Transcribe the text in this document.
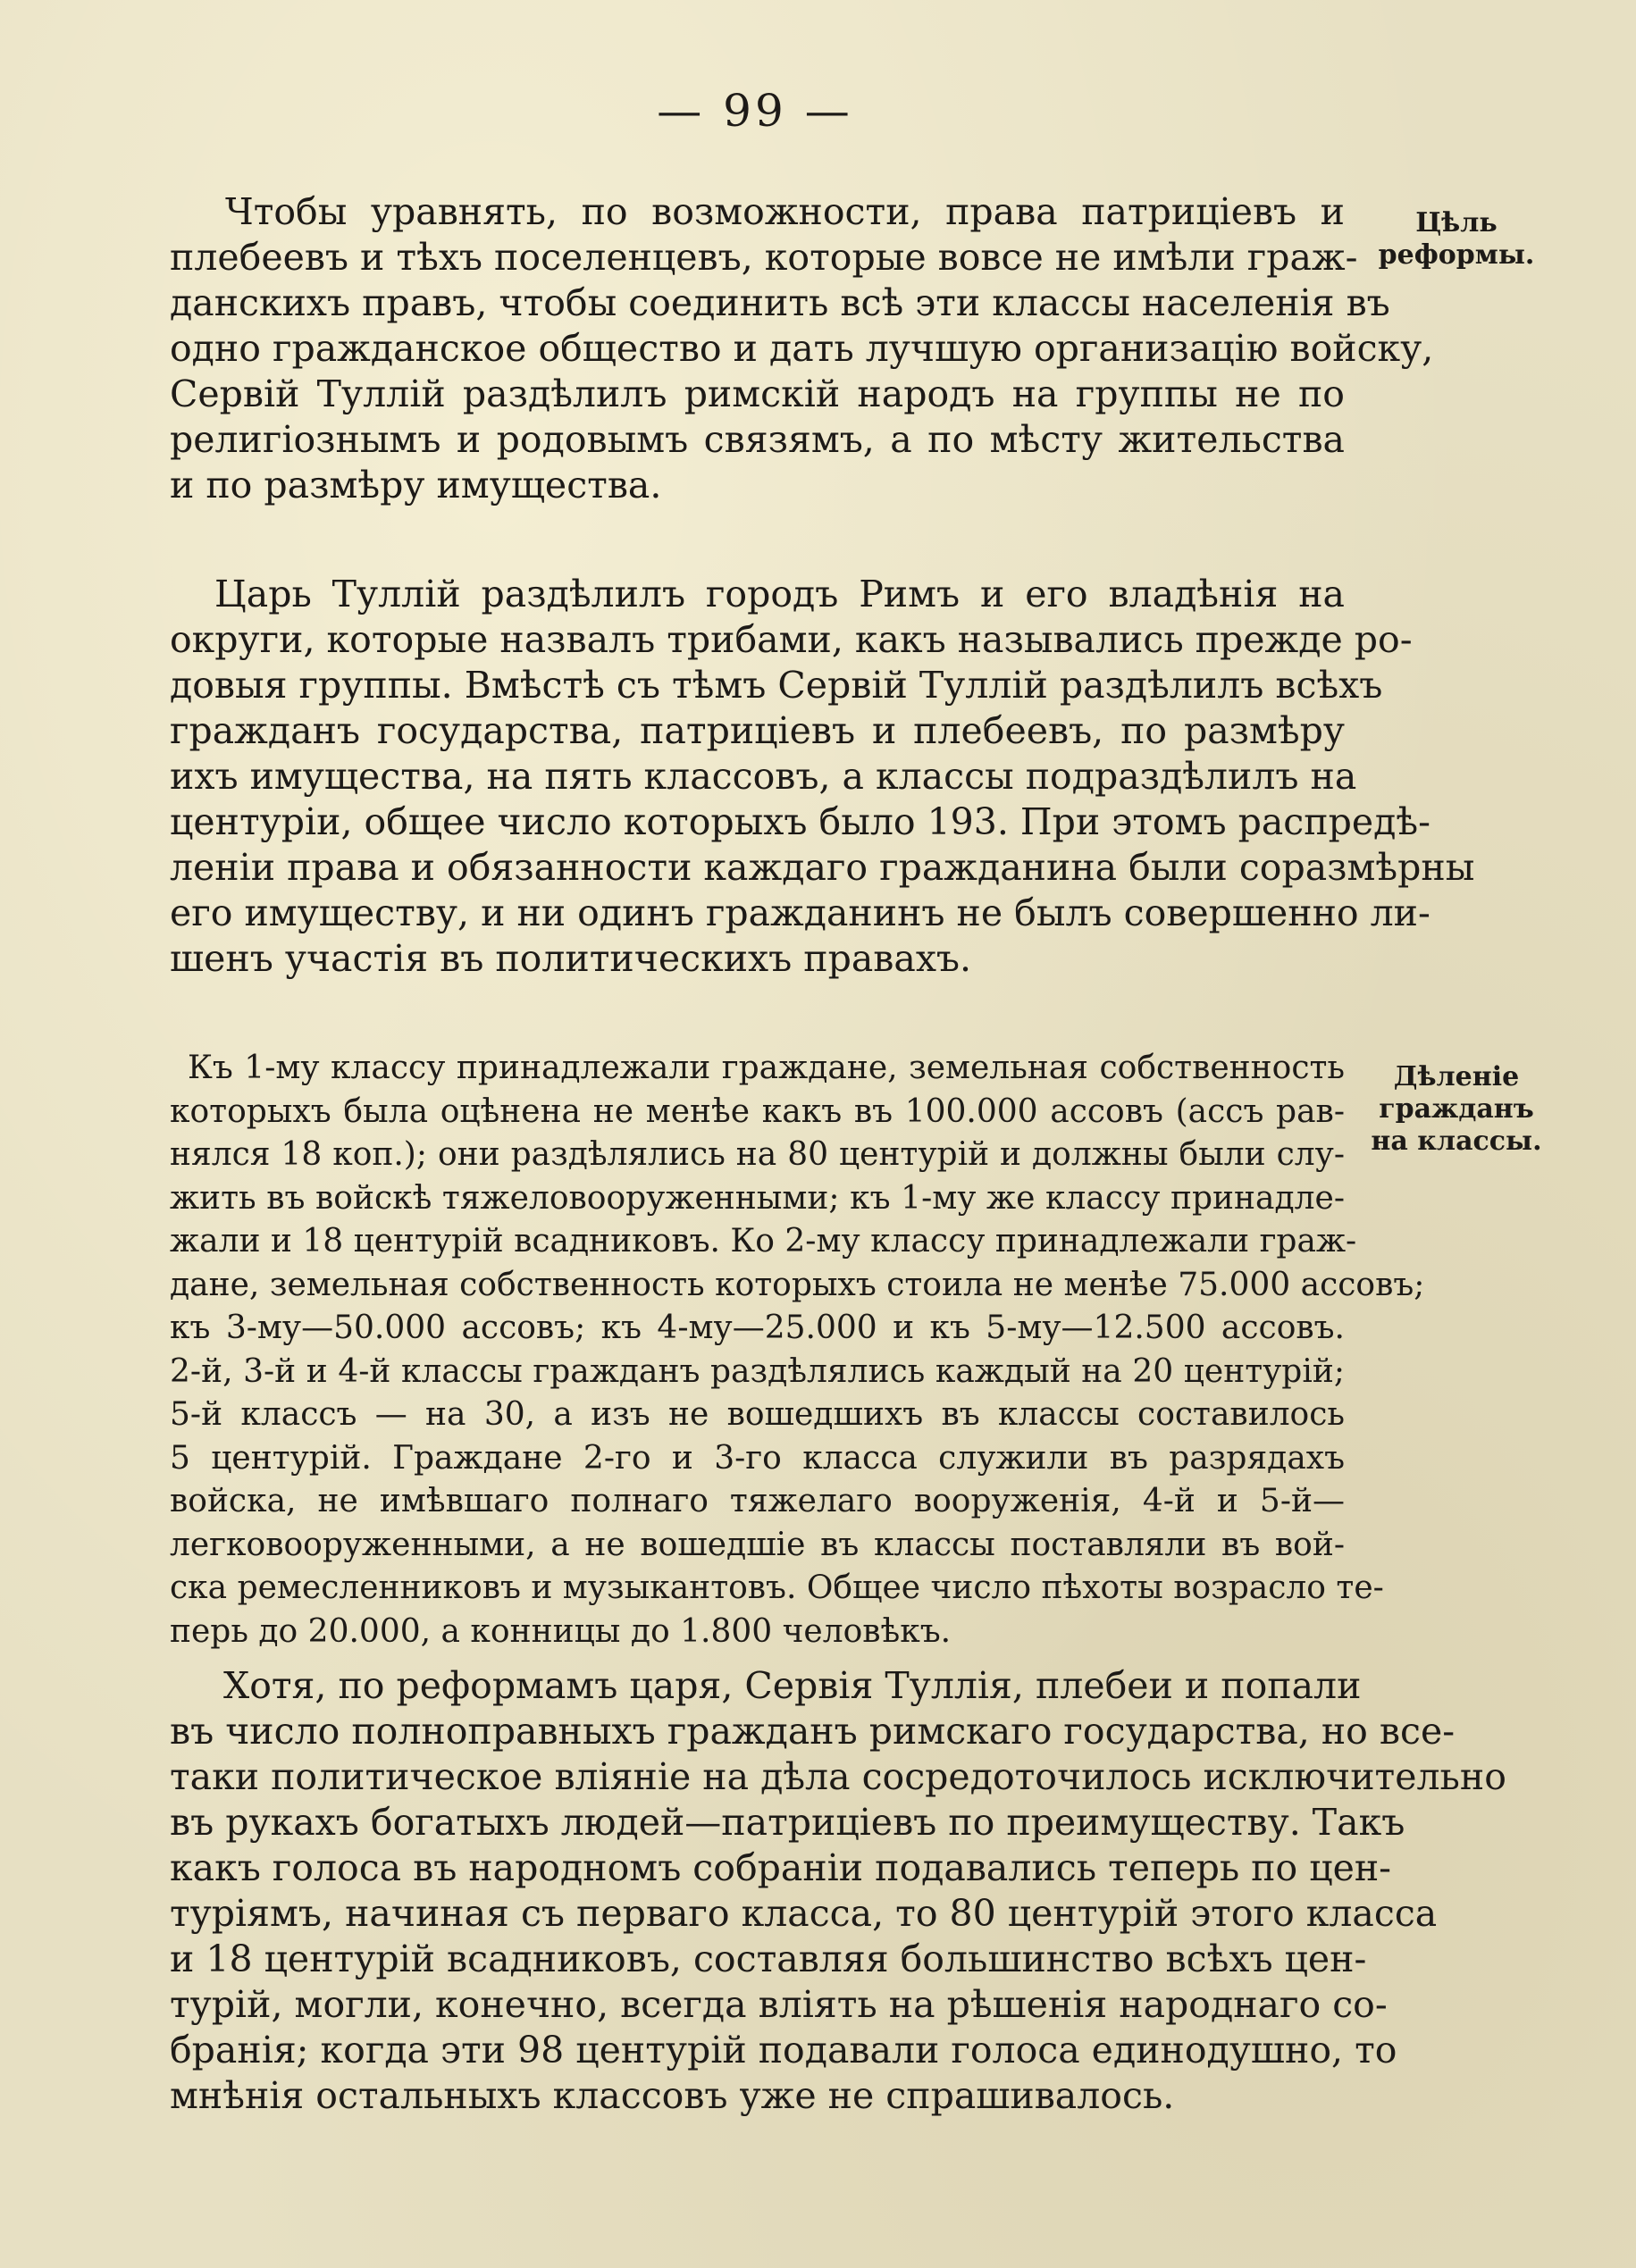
— 99 —

Чтобы уравнять, по возможности, права патрицiевъ и
плебеевъ и тѣхъ поселенцевъ, которые вовсе не имѣли граж-
данскихъ правъ, чтобы соединить всѣ эти классы населенія въ
одно гражданское общество и дать лучшую организацію войску,
Сервій Туллій раздѣлилъ римскій народъ на группы не по
религіознымъ и родовымъ связямъ, а по мѣсту жительства
и по размѣру имущества.

Цѣль
реформы.

Царь Туллій раздѣлилъ городъ Римъ и его владѣнія на
округи, которые назвалъ трибами, какъ назывались прежде ро-
довыя группы. Вмѣстѣ съ тѣмъ Сервій Туллій раздѣлилъ всѣхъ
гражданъ государства, патрицiевъ и плебеевъ, по размѣру
ихъ имущества, на пять классовъ, а классы подраздѣлилъ на
центуріи, общее число которыхъ было 193. При этомъ распредѣ-
леніи права и обязанности каждаго гражданина были соразмѣрны
его имуществу, и ни одинъ гражданинъ не былъ совершенно ли-
шенъ участія въ политическихъ правахъ.

Къ 1-му классу принадлежали граждане, земельная собственность
которыхъ была оцѣнена не менѣе какъ въ 100.000 ассовъ (ассъ рав-
нялся 18 коп.); они раздѣлялись на 80 центурій и должны были слу-
жить въ войскѣ тяжеловооруженными; къ 1-му же классу принадле-
жали и 18 центурій всадниковъ. Ко 2-му классу принадлежали граж-
дане, земельная собственность которыхъ стоила не менѣе 75.000 ассовъ;
къ 3-му—50.000 ассовъ; къ 4-му—25.000 и къ 5-му—12.500 ассовъ.
2-й, 3-й и 4-й классы гражданъ раздѣлялись каждый на 20 центурій;
5-й классъ — на 30, а изъ не вошедшихъ въ классы составилось
5 центурій. Граждане 2-го и 3-го класса служили въ разрядахъ
войска, не имѣвшаго полнаго тяжелаго вооруженія, 4-й и 5-й—
легковооруженными, а не вошедшіе въ классы поставляли въ вой-
ска ремесленниковъ и музыкантовъ. Общее число пѣхоты возрасло те-
перь до 20.000, а конницы до 1.800 человѣкъ.

Дѣленіе
гражданъ
на классы.

Хотя, по реформамъ царя, Сервія Туллія, плебеи и попали
въ число полноправныхъ гражданъ римскаго государства, но все-
таки политическое вліяніе на дѣла сосредоточилось исключительно
въ рукахъ богатыхъ людей—патрицiевъ по преимуществу. Такъ
какъ голоса въ народномъ собраніи подавались теперь по цен-
туріямъ, начиная съ перваго класса, то 80 центурій этого класса
и 18 центурій всадниковъ, составляя большинство всѣхъ цен-
турій, могли, конечно, всегда вліять на рѣшенія народнаго со-
бранія; когда эти 98 центурій подавали голоса единодушно, то
мнѣнія остальныхъ классовъ уже не спрашивалось.
